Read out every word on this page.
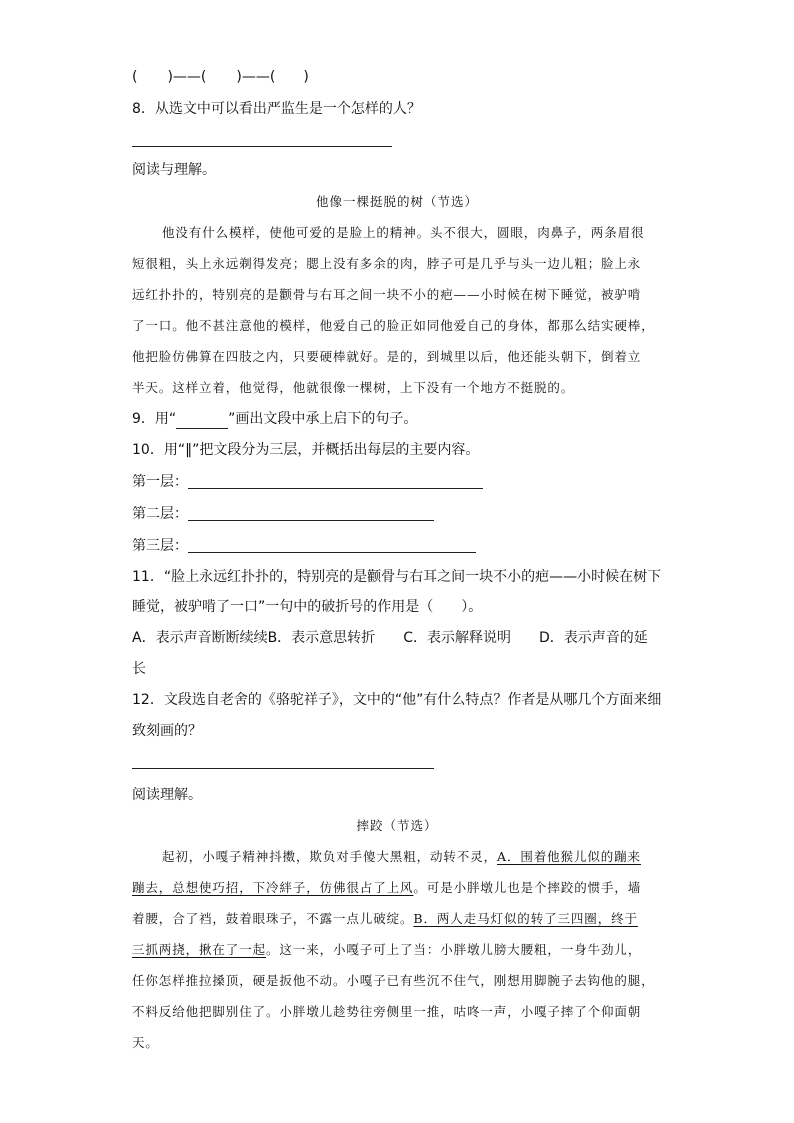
( )——( )——( )
8．从选文中可以看出严监生是一个怎样的人？
阅读与理解。
他像一棵挺脱的树（节选）
他没有什么模样，使他可爱的是脸上的精神。头不很大，圆眼，肉鼻子，两条眉很
短很粗，头上永远剃得发亮；腮上没有多余的肉，脖子可是几乎与头一边儿粗；脸上永
远红扑扑的，特别亮的是颧骨与右耳之间一块不小的疤——小时候在树下睡觉，被驴啃
了一口。他不甚注意他的模样，他爱自己的脸正如同他爱自己的身体，都那么结实硬棒，
他把脸仿佛算在四肢之内，只要硬棒就好。是的，到城里以后，他还能头朝下，倒着立
半天。这样立着，他觉得，他就很像一棵树，上下没有一个地方不挺脱的。
9．用“	”画出文段中承上启下的句子。
10．用“‖”把文段分为三层，并概括出每层的主要内容。
第一层：
第二层：
第三层：
11．“脸上永远红扑扑的，特别亮的是颧骨与右耳之间一块不小的疤——小时候在树下
睡觉，被驴啃了一口”一句中的破折号的作用是（　　）。
A．表示声音断断续续B．表示意思转折 C．表示解释说明 D．表示声音的延
长
12．文段选自老舍的《骆驼祥子》，文中的“他”有什么特点？作者是从哪几个方面来细
致刻画的？
阅读理解。
摔跤（节选）
起初，小嘎子精神抖擞，欺负对手傻大黑粗，动转不灵，A．围着他猴儿似的蹦来
蹦去，总想使巧招，下冷絆子，仿佛很占了上风。可是小胖墩儿也是个摔跤的惯手，墙
着腰，合了裆，鼓着眼珠子，不露一点儿破绽。B．两人走马灯似的转了三四圈，终于
三抓两挠，揪在了一起。这一来，小嘎子可上了当：小胖墩儿膀大腰粗，一身牛劲儿，
任你怎样推拉搡顶，硬是扳他不动。小嘎子已有些沉不住气，刚想用脚腕子去钩他的腿，
不料反给他把脚别住了。小胖墩儿趁势往旁侧里一推，咕咚一声，小嘎子摔了个仰面朝
天。
